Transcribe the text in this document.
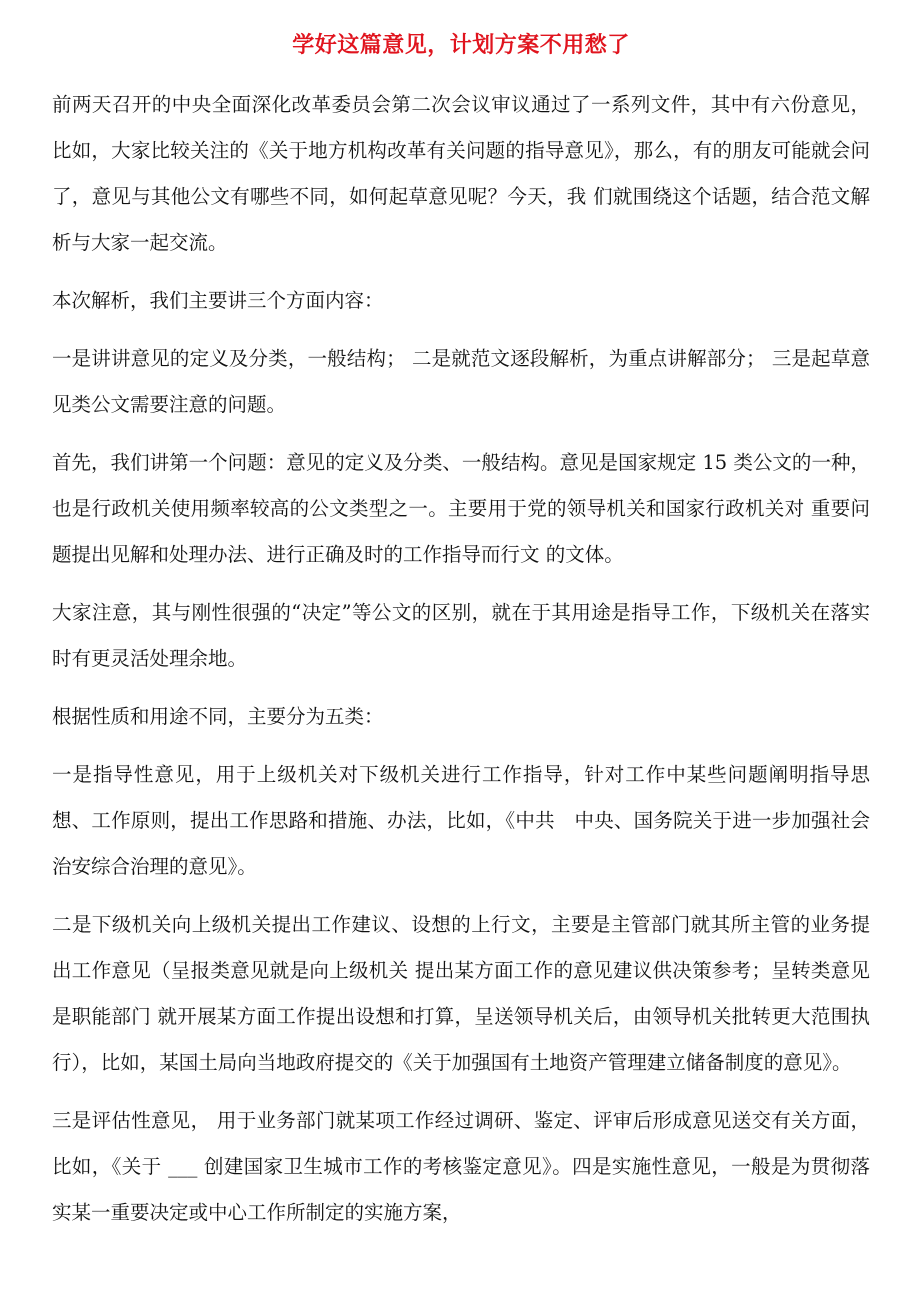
学好这篇意见，计划方案不用愁了

前两天召开的中央全面深化改革委员会第二次会议审议通过了一系列文件，其中有六份意见，比如，大家比较关注的《关于地方机构改革有关问题的指导意见》，那么，有的朋友可能就会问了，意见与其他公文有哪些不同，如何起草意见呢？今天，我 们就围绕这个话题，结合范文解析与大家一起交流。

本次解析，我们主要讲三个方面内容：

一是讲讲意见的定义及分类，一般结构； 二是就范文逐段解析，为重点讲解部分； 三是起草意见类公文需要注意的问题。

首先，我们讲第一个问题：意见的定义及分类、一般结构。意见是国家规定 15 类公文的一种，也是行政机关使用频率较高的公文类型之一。主要用于党的领导机关和国家行政机关对 重要问题提出见解和处理办法、进行正确及时的工作指导而行文 的文体。

大家注意，其与刚性很强的“决定”等公文的区别，就在于其用途是指导工作，下级机关在落实时有更灵活处理余地。

根据性质和用途不同，主要分为五类：

一是指导性意见，用于上级机关对下级机关进行工作指导，针对工作中某些问题阐明指导思想、工作原则，提出工作思路和措施、办法，比如，《中共　中央、国务院关于进一步加强社会治安综合治理的意见》。

二是下级机关向上级机关提出工作建议、设想的上行文，主要是主管部门就其所主管的业务提出工作意见（呈报类意见就是向上级机关 提出某方面工作的意见建议供决策参考；呈转类意见是职能部门 就开展某方面工作提出设想和打算，呈送领导机关后，由领导机关批转更大范围执行），比如，某国土局向当地政府提交的《关于加强国有土地资产管理建立储备制度的意见》。

三是评估性意见， 用于业务部门就某项工作经过调研、鉴定、评审后形成意见送交有关方面，比如，《关于 ___ 创建国家卫生城市工作的考核鉴定意见》。四是实施性意见，一般是为贯彻落实某一重要决定或中心工作所制定的实施方案，
